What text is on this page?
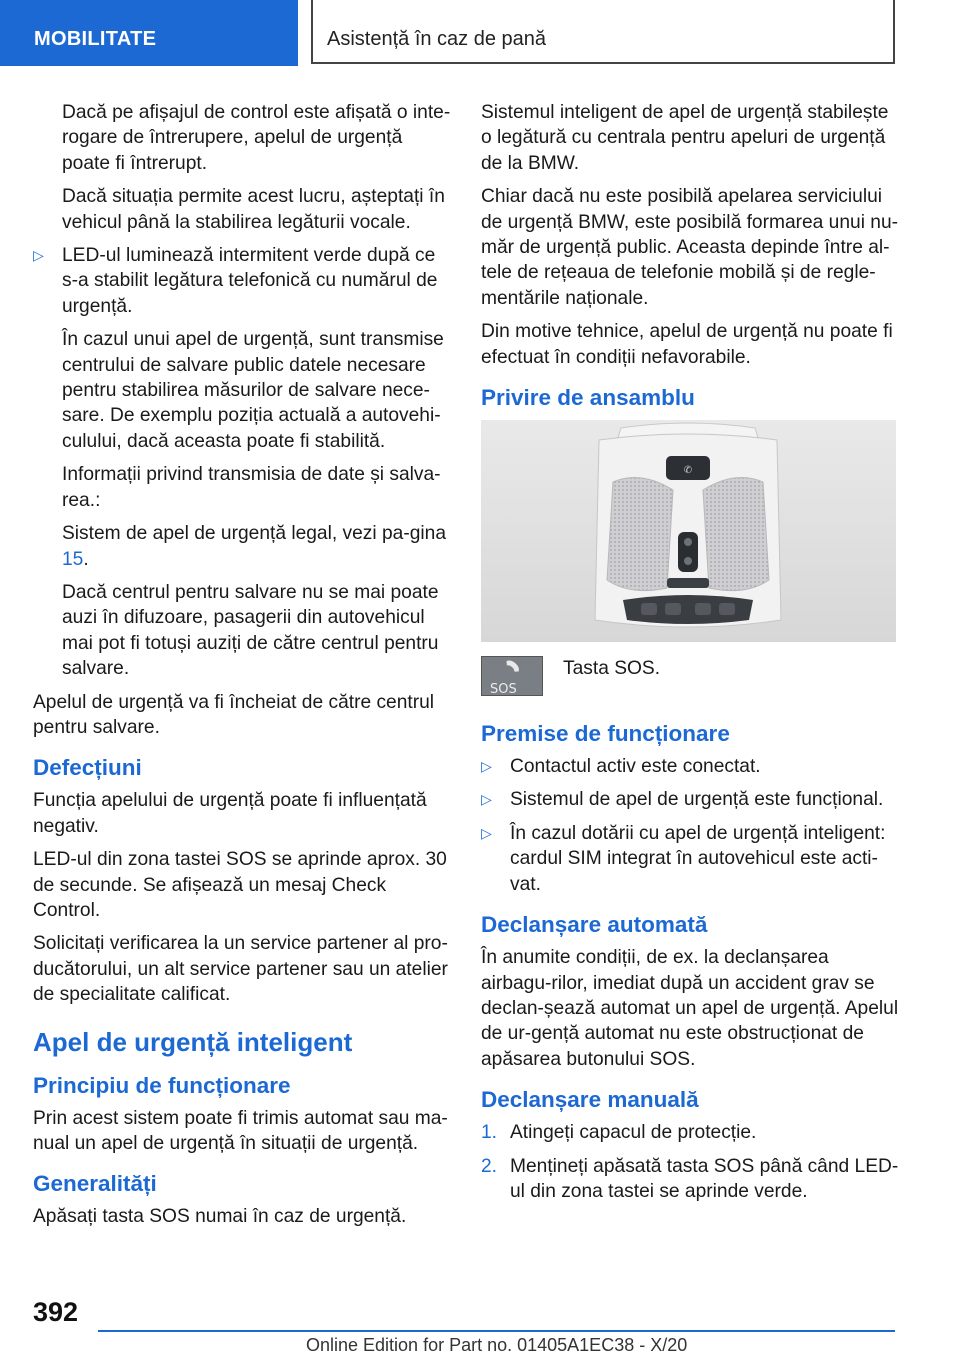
MOBILITATE	Asistență în caz de pană

Dacă pe afișajul de control este afișată o inte‐rogare de întrerupere, apelul de urgență poate fi întrerupt.

Dacă situația permite acest lucru, așteptați în vehicul până la stabilirea legăturii vocale.

▷ LED-ul luminează intermitent verde după ce s-a stabilit legătura telefonică cu numărul de urgență.

În cazul unui apel de urgență, sunt transmise centrului de salvare public datele necesare pentru stabilirea măsurilor de salvare nece‐sare. De exemplu poziția actuală a autovehi‐culului, dacă aceasta poate fi stabilită.

Informații privind transmisia de date și salva‐rea.:

Sistem de apel de urgență legal, vezi pa‐gina 15.

Dacă centrul pentru salvare nu se mai poate auzi în difuzoare, pasagerii din autovehicul mai pot fi totuși auziți de către centrul pentru salvare.

Apelul de urgență va fi încheiat de către centrul pentru salvare.

Defecțiuni

Funcția apelului de urgență poate fi influențată negativ.

LED-ul din zona tastei SOS se aprinde aprox. 30 de secunde. Se afișează un mesaj Check Control.

Solicitați verificarea la un service partener al pro‐ducătorului, un alt service partener sau un atelier de specialitate calificat.

Apel de urgență inteligent
Principiu de funcționare

Prin acest sistem poate fi trimis automat sau ma‐nual un apel de urgență în situații de urgență.

Generalități

Apăsați tasta SOS numai în caz de urgență.

Sistemul inteligent de apel de urgență stabilește o legătură cu centrala pentru apeluri de urgență de la BMW.

Chiar dacă nu este posibilă apelarea serviciului de urgență BMW, este posibilă formarea unui nu‐măr de urgență public. Aceasta depinde între al‐tele de rețeaua de telefonie mobilă și de regle‐mentările naționale.

Din motive tehnice, apelul de urgență nu poate fi efectuat în condiții nefavorabile.

Privire de ansamblu
✆
SOS
Tasta SOS.
Premise de funcționare
▷ Contactul activ este conectat.
▷ Sistemul de apel de urgență este funcțional.
▷ În cazul dotării cu apel de urgență inteligent: cardul SIM integrat în autovehicul este acti‐vat.
Declanșare automată

În anumite condiții, de ex. la declanșarea airbagu‐rilor, imediat după un accident grav se declan‐șează automat un apel de urgență. Apelul de ur‐gență automat nu este obstrucționat de apăsarea butonului SOS.

Declanșare manuală
1. Atingeți capacul de protecție.
2. Mențineți apăsată tasta SOS până când LED-ul din zona tastei se aprinde verde.
392
Online Edition for Part no. 01405A1EC38 - X/20
